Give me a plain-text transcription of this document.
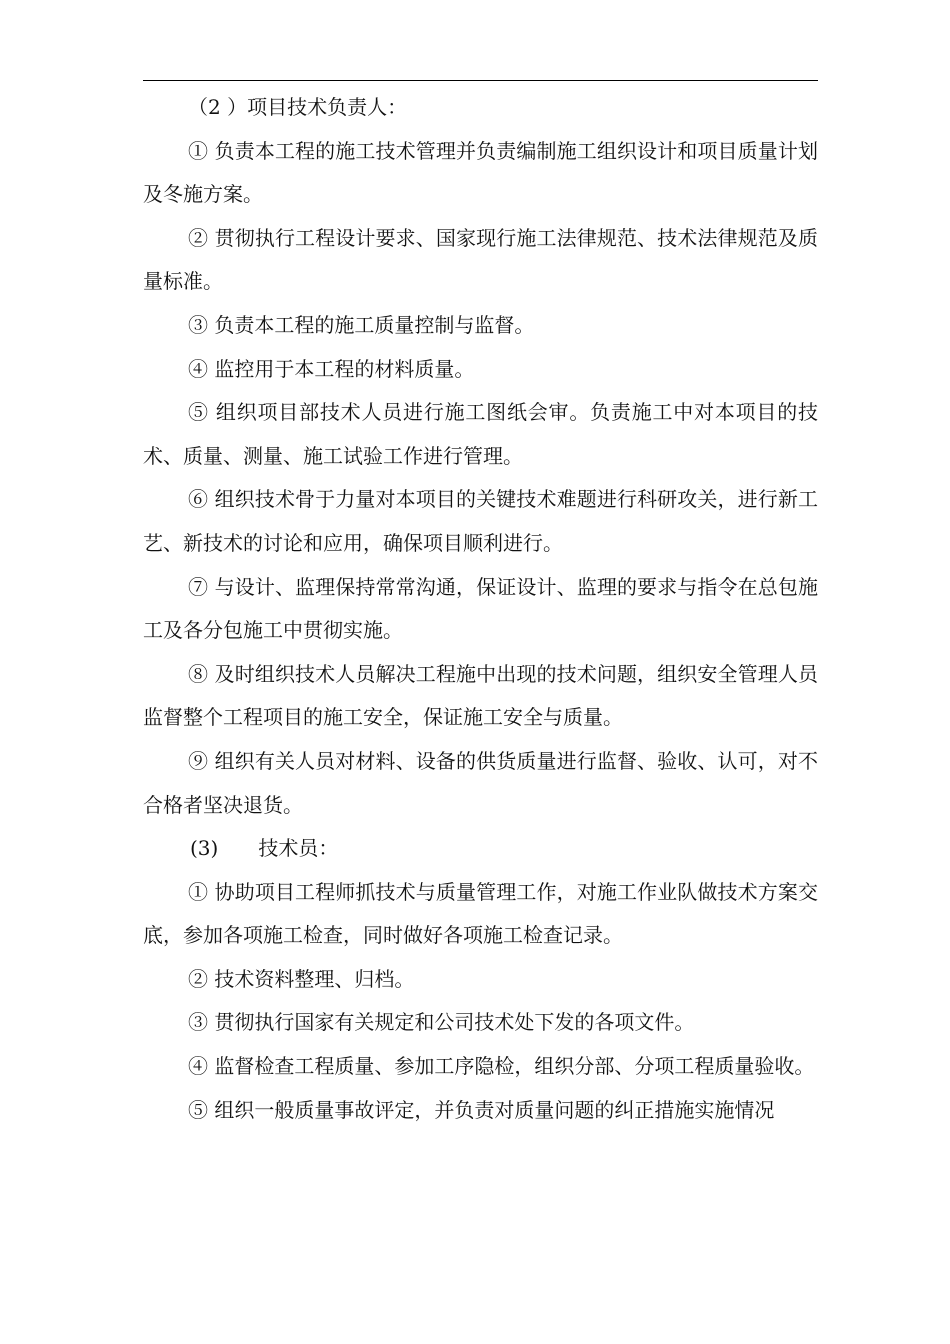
（2 ）项目技术负责人：

① 负责本工程的施工技术管理并负责编制施工组织设计和项目质量计划及冬施方案。

② 贯彻执行工程设计要求、国家现行施工法律规范、技术法律规范及质量标准。

③ 负责本工程的施工质量控制与监督。

④ 监控用于本工程的材料质量。

⑤ 组织项目部技术人员进行施工图纸会审。负责施工中对本项目的技术、质量、测量、施工试验工作进行管理。

⑥ 组织技术骨于力量对本项目的关键技术难题进行科研攻关，进行新工艺、新技术的讨论和应用，确保项目顺利进行。

⑦ 与设计、监理保持常常沟通，保证设计、监理的要求与指令在总包施工及各分包施工中贯彻实施。

⑧ 及时组织技术人员解决工程施中出现的技术问题，组织安全管理人员监督整个工程项目的施工安全，保证施工安全与质量。

⑨ 组织有关人员对材料、设备的供货质量进行监督、验收、认可，对不合格者坚决退货。

(3)　　技术员：

① 协助项目工程师抓技术与质量管理工作，对施工作业队做技术方案交底，参加各项施工检查，同时做好各项施工检查记录。

② 技术资料整理、归档。

③ 贯彻执行国家有关规定和公司技术处下发的各项文件。

④ 监督检查工程质量、参加工序隐检，组织分部、分项工程质量验收。

⑤ 组织一般质量事故评定，并负责对质量问题的纠正措施实施情况
